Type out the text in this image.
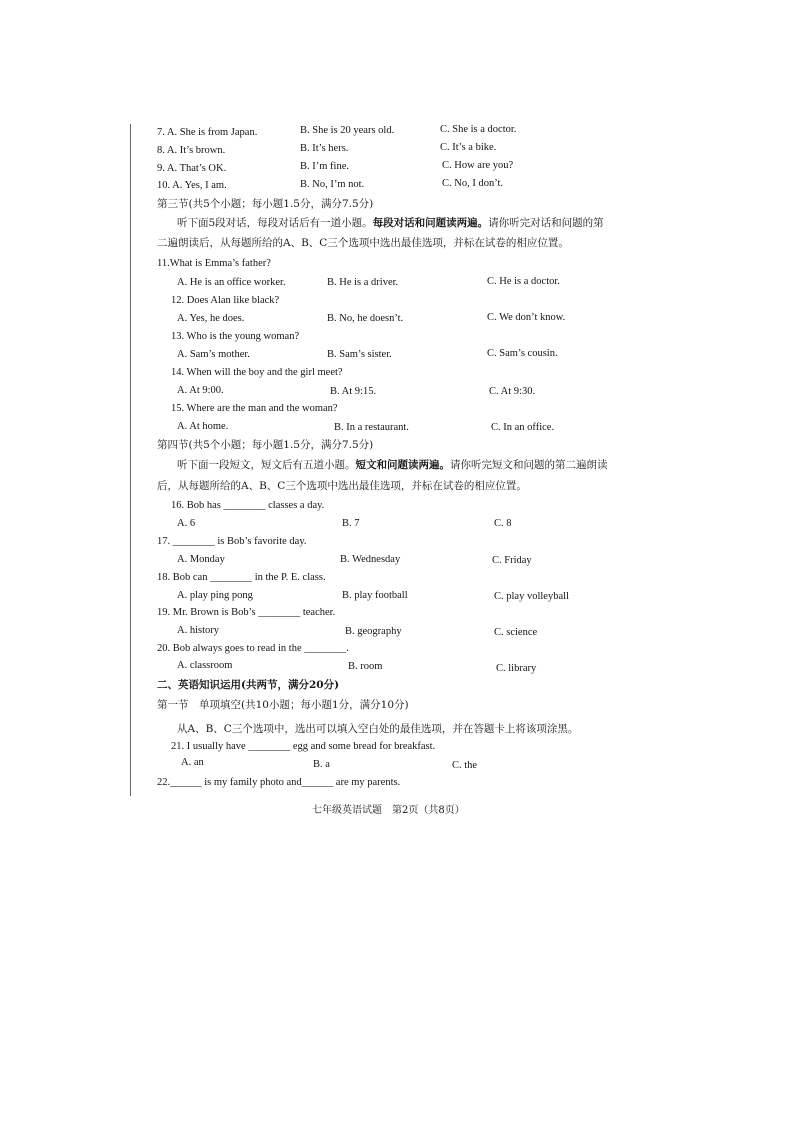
7. A. She is from Japan.	B. She is 20 years old.	C. She is a doctor.
8. A. It’s brown.	B. It’s hers.	C. It’s a bike.
9. A. That’s OK.	B. I’m fine.	C. How are you?
10. A. Yes, I am.	B. No, I’m not.	C. No, I don’t.
第三节(共5个小题；每小题1.5分，满分7.5分)
听下面5段对话，每段对话后有一道小题。每段对话和问题读两遍。请你听完对话和问题的第
二遍朗读后，从每题所给的A、B、C三个选项中选出最佳选项，并标在试卷的相应位置。
11.What is Emma’s father?
A. He is an office worker.	B. He is a driver.	C. He is a doctor.
12. Does Alan like black?
A. Yes, he does.	B. No, he doesn’t.	C. We don’t know.
13. Who is the young woman?
A. Sam’s mother.	B. Sam’s sister.	C. Sam’s cousin.
14. When will the boy and the girl meet?
A. At 9:00.	B. At 9:15.	C. At 9:30.
15. Where are the man and the woman?
A. At home.	B. In a restaurant.	C. In an office.
第四节(共5个小题；每小题1.5分，满分7.5分)
听下面一段短文，短文后有五道小题。短文和问题读两遍。请你听完短文和问题的第二遍朗读
后，从每题所给的A、B、C三个选项中选出最佳选项，并标在试卷的相应位置。
16. Bob has ________ classes a day.
A. 6	B. 7	C. 8
17. ________ is Bob’s favorite day.
A. Monday	B. Wednesday	C. Friday
18. Bob can ________ in the P. E. class.
A. play ping pong	B. play football	C. play volleyball
19. Mr. Brown is Bob’s ________ teacher.
A. history	B. geography	C. science
20. Bob always goes to read in the ________.
A. classroom	B. room	C. library
二、英语知识运用(共两节，满分20分)
第一节　单项填空(共10小题；每小题1分，满分10分)
从A、B、C三个选项中，选出可以填入空白处的最佳选项，并在答题卡上将该项涂黑。
21. I usually have ________ egg and some bread for breakfast.
A. an	B. a	C. the
22.______ is my family photo and______ are my parents.
七年级英语试题　第2页（共8页）
